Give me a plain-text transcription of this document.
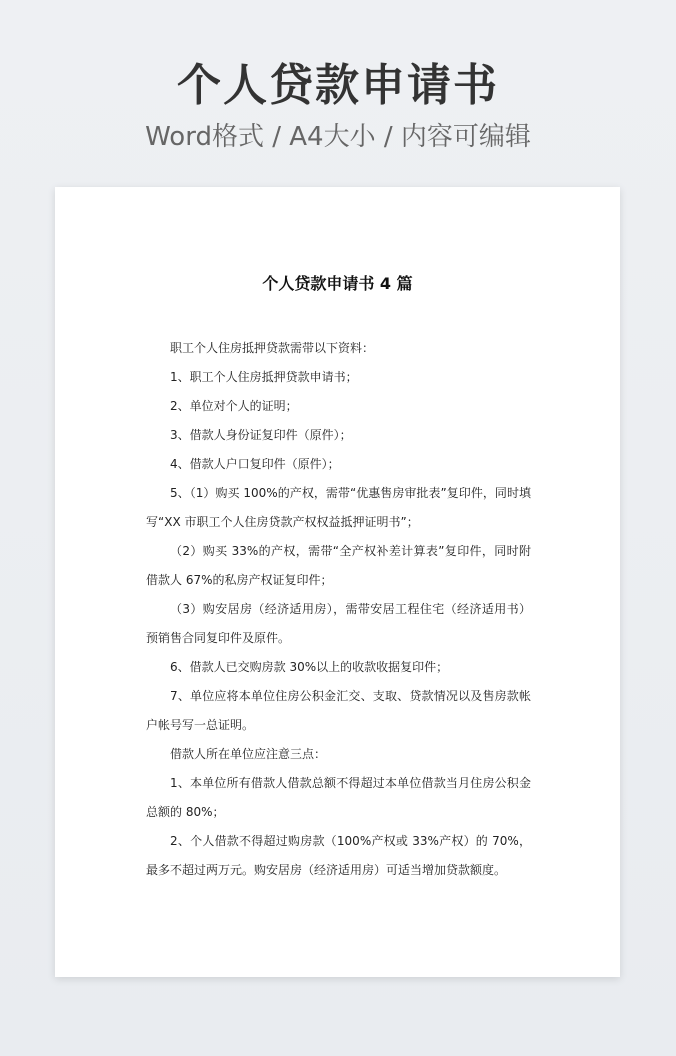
个人贷款申请书
Word格式 / A4大小 / 内容可编辑
个人贷款申请书 4 篇
职工个人住房抵押贷款需带以下资料：
1、职工个人住房抵押贷款申请书；
2、单位对个人的证明；
3、借款人身份证复印件（原件）；
4、借款人户口复印件（原件）；
5、（1）购买 100%的产权，需带“优惠售房审批表”复印件，同时填写“XX 市职工个人住房贷款产权权益抵押证明书”；
（2）购买 33%的产权，需带“全产权补差计算表”复印件，同时附借款人 67%的私房产权证复印件；
（3）购安居房（经济适用房），需带安居工程住宅（经济适用书）预销售合同复印件及原件。
6、借款人已交购房款 30%以上的收款收据复印件；
7、单位应将本单位住房公积金汇交、支取、贷款情况以及售房款帐户帐号写一总证明。
借款人所在单位应注意三点：
1、本单位所有借款人借款总额不得超过本单位借款当月住房公积金总额的 80%；
2、个人借款不得超过购房款（100%产权或 33%产权）的 70%，最多不超过两万元。购安居房（经济适用房）可适当增加贷款额度。
